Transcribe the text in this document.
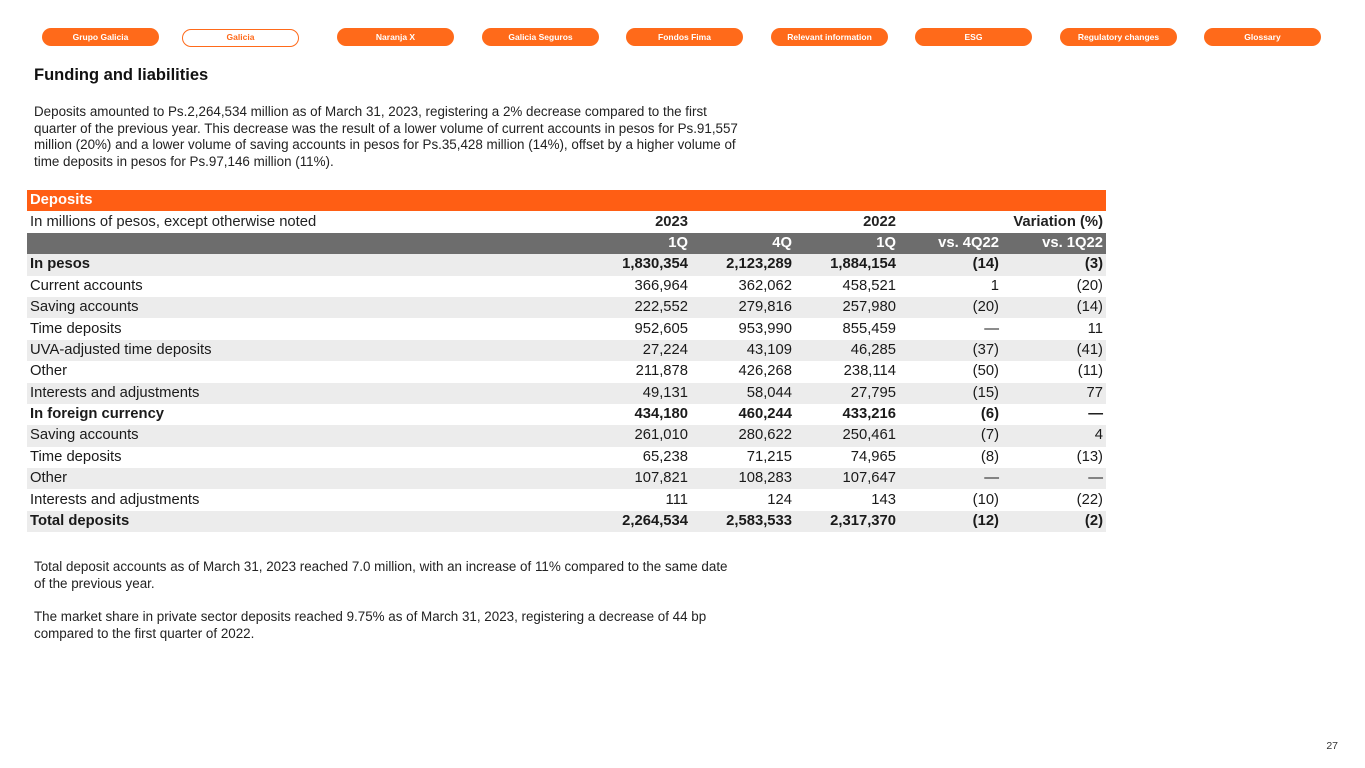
Grupo Galicia	Galicia	Naranja X	Galicia Seguros	Fondos Fima	Relevant information	ESG	Regulatory changes	Glossary
Funding and liabilities

Deposits amounted to Ps.2,264,534 million as of March 31, 2023, registering a 2% decrease compared to the first quarter of the previous year. This decrease was the result of a lower volume of current accounts in pesos for Ps.91,557 million (20%) and a lower volume of saving accounts in pesos for Ps.35,428 million (14%), offset by a higher volume of time deposits in pesos for Ps.97,146 million (11%).

Deposits					
In millions of pesos, except otherwise noted	2023		2022	Variation (%)	
	1Q	4Q	1Q	vs. 4Q22	vs. 1Q22
In pesos	1,830,354	2,123,289	1,884,154	(14)	(3)
Current accounts	366,964	362,062	458,521	1	(20)
Saving accounts	222,552	279,816	257,980	(20)	(14)
Time deposits	952,605	953,990	855,459	—	11
UVA-adjusted time deposits	27,224	43,109	46,285	(37)	(41)
Other	211,878	426,268	238,114	(50)	(11)
Interests and adjustments	49,131	58,044	27,795	(15)	77
In foreign currency	434,180	460,244	433,216	(6)	—
Saving accounts	261,010	280,622	250,461	(7)	4
Time deposits	65,238	71,215	74,965	(8)	(13)
Other	107,821	108,283	107,647	—	—
Interests and adjustments	111	124	143	(10)	(22)
Total deposits	2,264,534	2,583,533	2,317,370	(12)	(2)

Total deposit accounts as of March 31, 2023 reached 7.0 million, with an increase of 11% compared to the same date of the previous year.

The market share in private sector deposits reached 9.75% as of March 31, 2023, registering a decrease of 44 bp compared to the first quarter of 2022.

27
